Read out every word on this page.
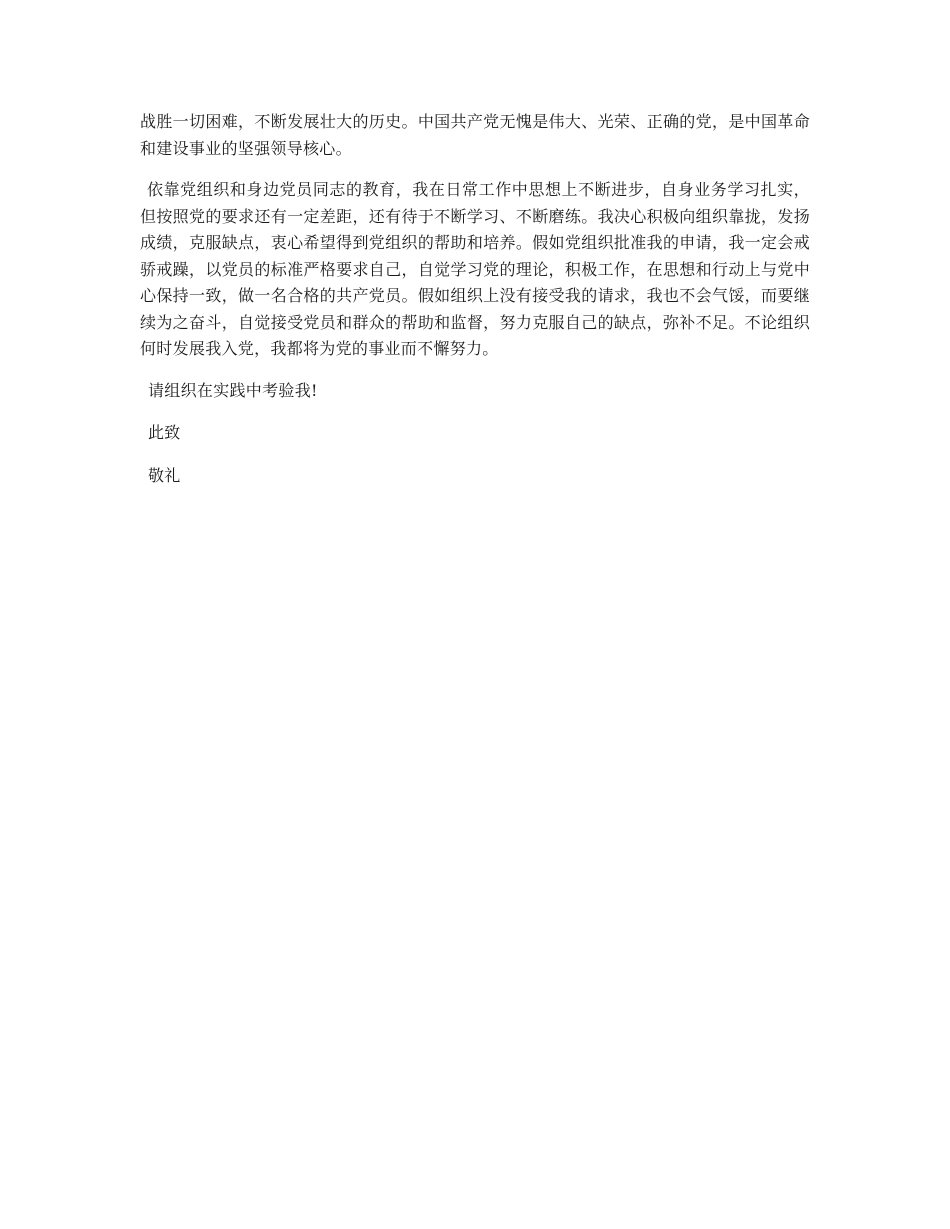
战胜一切困难，不断发展壮大的历史。中国共产党无愧是伟大、光荣、正确的党，是中国革命和建设事业的坚强领导核心。

依靠党组织和身边党员同志的教育，我在日常工作中思想上不断进步，自身业务学习扎实，但按照党的要求还有一定差距，还有待于不断学习、不断磨练。我决心积极向组织靠拢，发扬成绩，克服缺点，衷心希望得到党组织的帮助和培养。假如党组织批准我的申请，我一定会戒骄戒躁，以党员的标准严格要求自己，自觉学习党的理论，积极工作，在思想和行动上与党中心保持一致，做一名合格的共产党员。假如组织上没有接受我的请求，我也不会气馁，而要继续为之奋斗，自觉接受党员和群众的帮助和监督，努力克服自己的缺点，弥补不足。不论组织何时发展我入党，我都将为党的事业而不懈努力。

请组织在实践中考验我!

此致

敬礼
